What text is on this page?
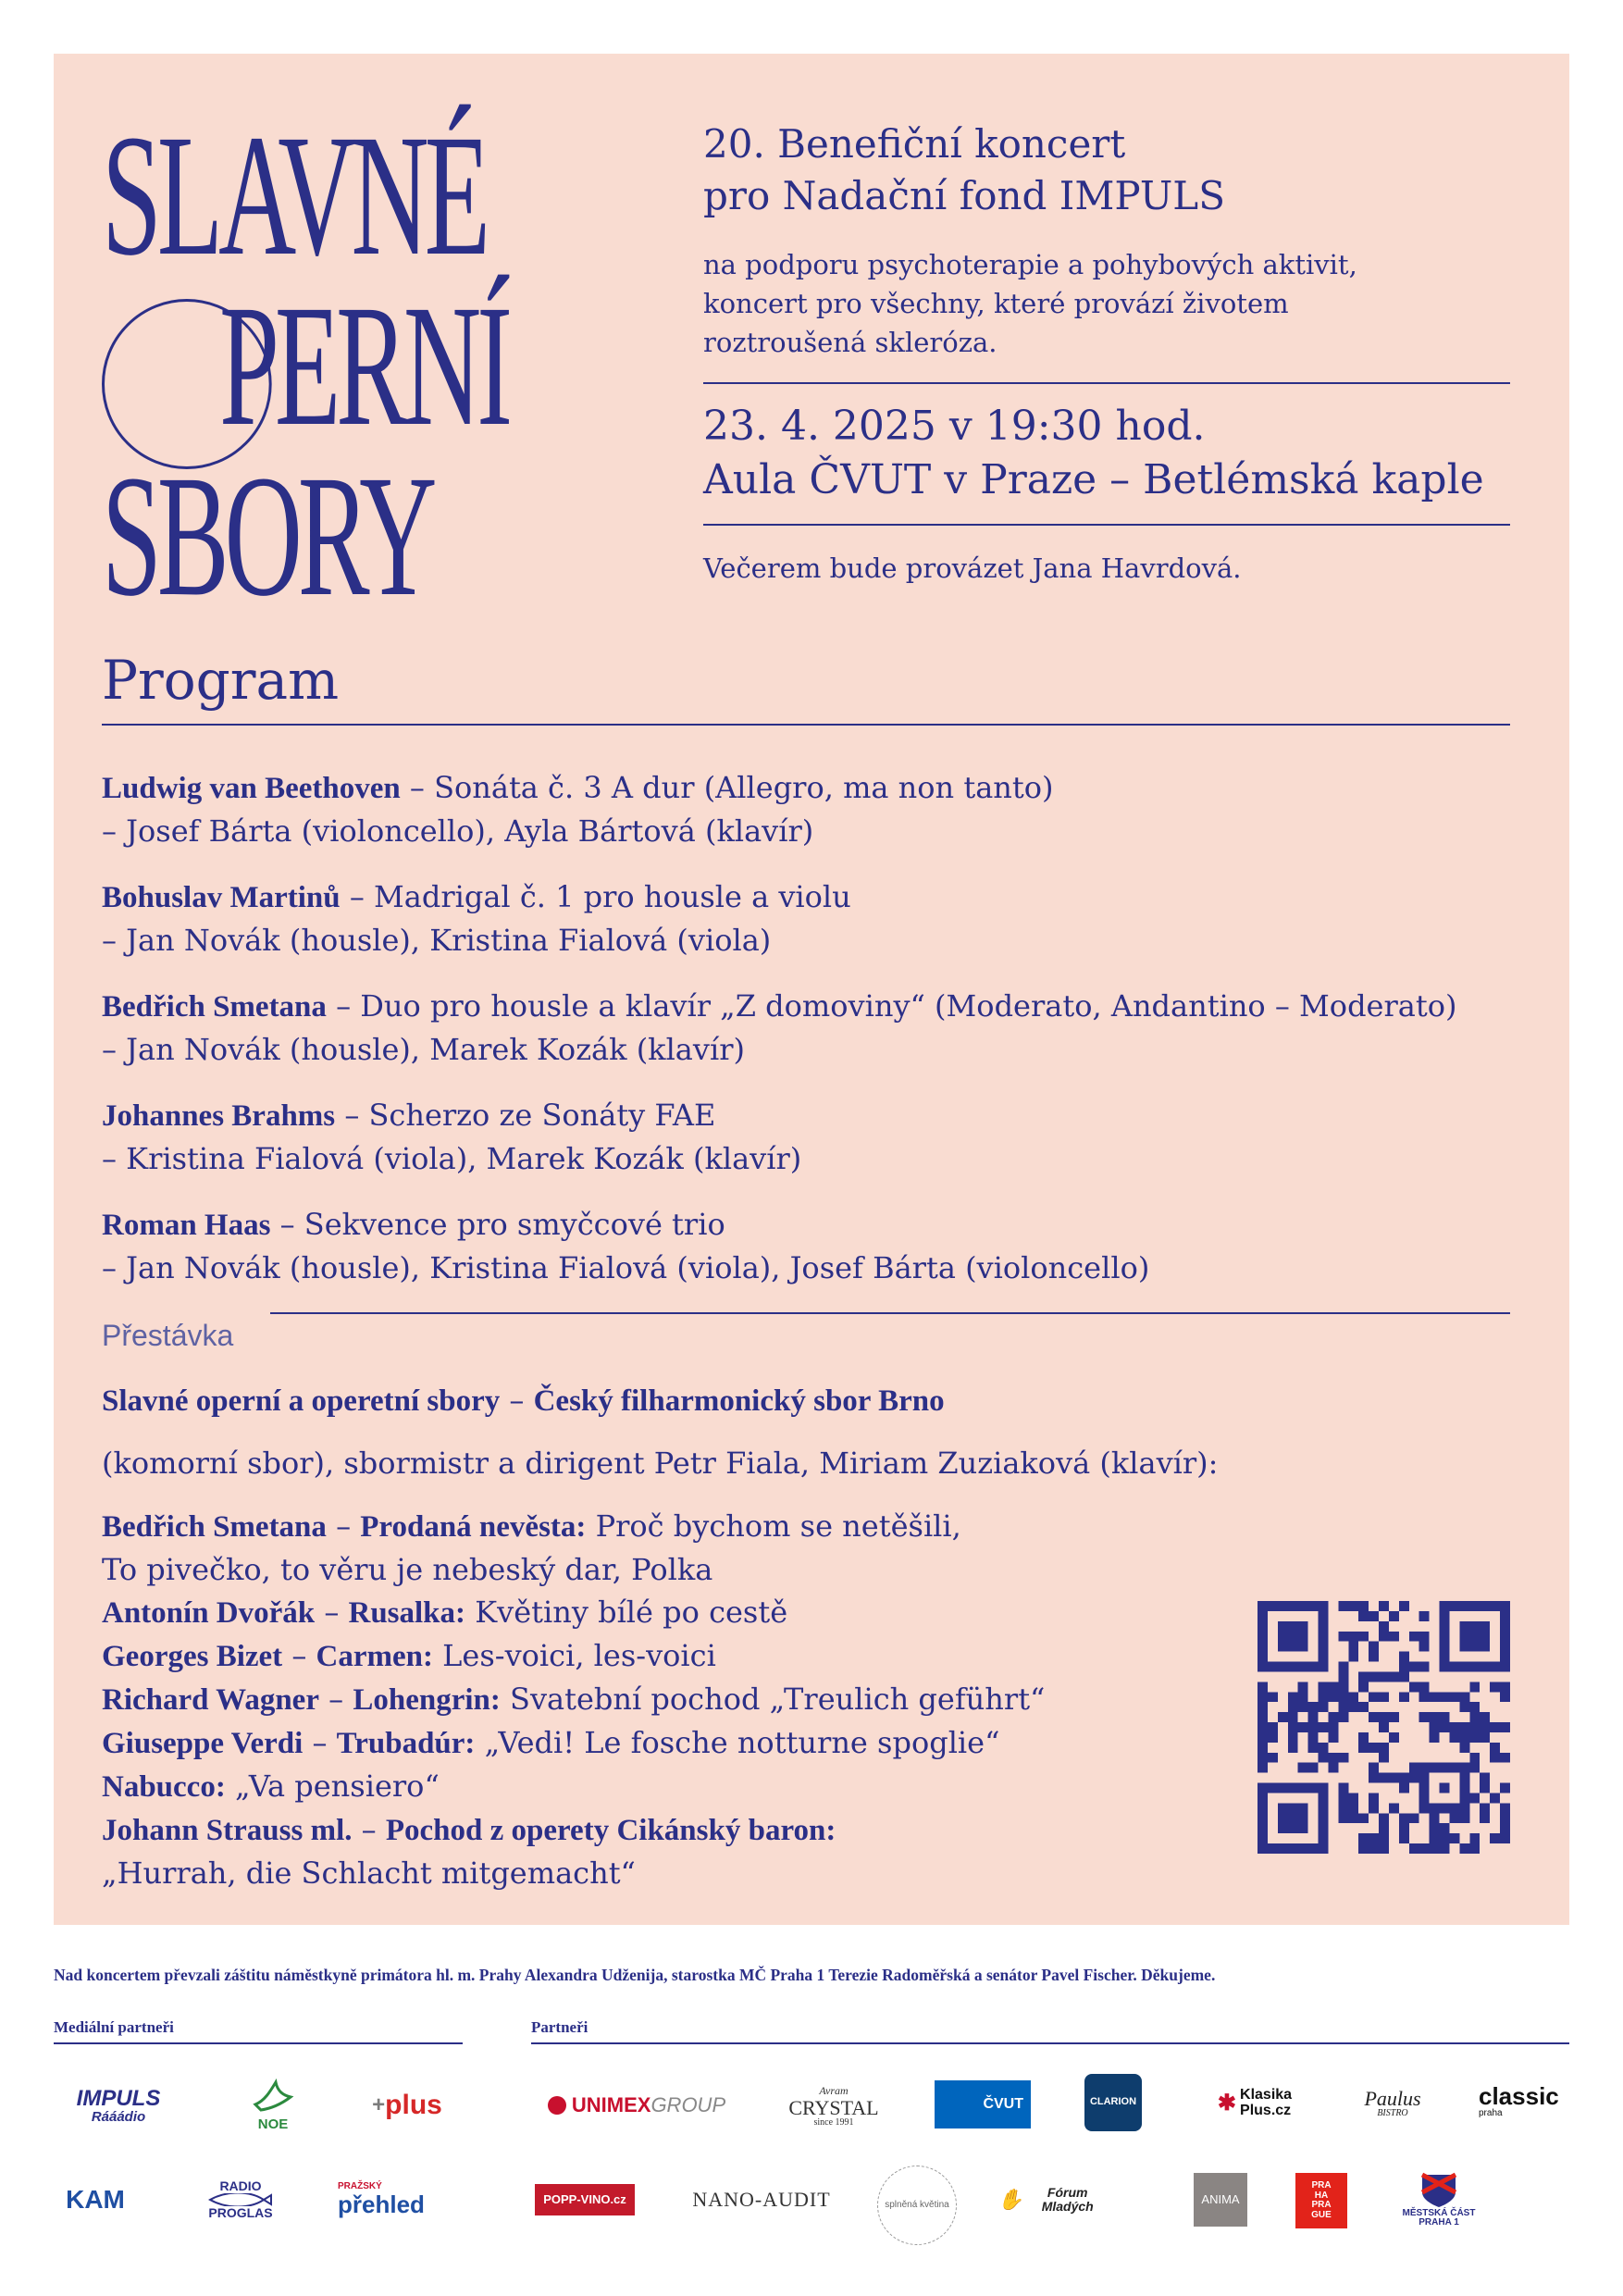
SLAVNÉ
PERNÍ
SBORY
20. Benefiční koncert
pro Nadační fond IMPULS
na podporu psychoterapie a pohybových aktivit,
koncert pro všechny, které provází životem
roztroušená skleróza.
23. 4. 2025 v 19:30 hod.
Aula ČVUT v Praze – Betlémská kaple
Večerem bude provázet Jana Havrdová.
Program
Ludwig van Beethoven – Sonáta č. 3 A dur (Allegro, ma non tanto)
– Josef Bárta (violoncello), Ayla Bártová (klavír)
Bohuslav Martinů – Madrigal č. 1 pro housle a violu
– Jan Novák (housle), Kristina Fialová (viola)
Bedřich Smetana – Duo pro housle a klavír „Z domoviny“ (Moderato, Andantino – Moderato)
– Jan Novák (housle), Marek Kozák (klavír)
Johannes Brahms – Scherzo ze Sonáty FAE
– Kristina Fialová (viola), Marek Kozák (klavír)
Roman Haas – Sekvence pro smyčcové trio
– Jan Novák (housle), Kristina Fialová (viola), Josef Bárta (violoncello)
Přestávka
Slavné operní a operetní sbory – Český filharmonický sbor Brno
(komorní sbor), sbormistr a dirigent Petr Fiala, Miriam Zuziaková (klavír):
Bedřich Smetana – Prodaná nevěsta: Proč bychom se netěšili,
To pivečko, to věru je nebeský dar, Polka
Antonín Dvořák – Rusalka: Květiny bílé po cestě
Georges Bizet – Carmen: Les-voici, les-voici
Richard Wagner – Lohengrin: Svatební pochod „Treulich geführt“
Giuseppe Verdi – Trubadúr: „Vedi! Le fosche notturne spoglie“
Nabucco: „Va pensiero“
Johann Strauss ml. – Pochod z operety Cikánský baron:
„Hurrah, die Schlacht mitgemacht“
Nad koncertem převzali záštitu náměstkyně primátora hl. m. Prahy Alexandra Udženija, starostka MČ Praha 1 Terezie Radoměřská a senátor Pavel Fischer. Děkujeme.
Mediální partneři	Partneři
IMPULS
Rááádio	NOE
+ plus	UNIMEX GROUP
Avram
CRYSTAL
since 1991
ČVUT	CLARION	✱ Klasika
Plus.cz
Paulus
BISTRO
classic
praha
KAM	RADIO
PROGLAS
PRAŽSKÝ
přehled	POPP-VINO.cz	NANO-AUDIT	splněná květina ✋	Fórum Mladých	ANIMA
PRA
HA
PRA
GUE	MĚSTSKÁ ČÁST
PRAHA 1
